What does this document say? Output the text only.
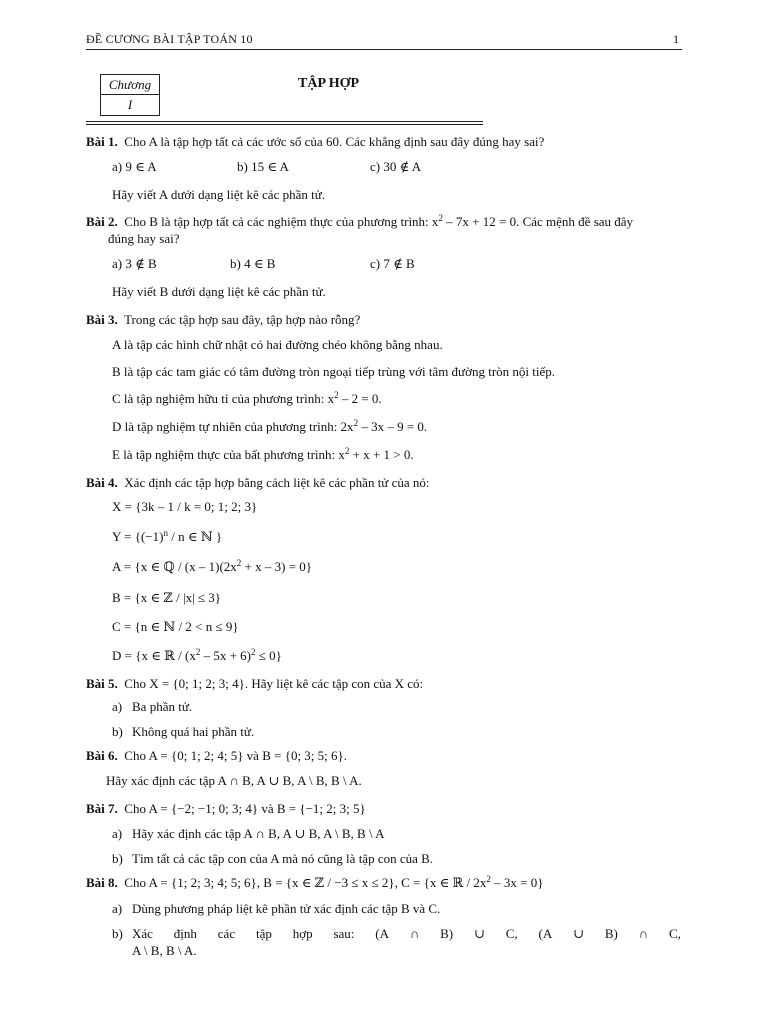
ĐỀ CƯƠNG BÀI TẬP TOÁN 10	1
Chương
I
TẬP HỢP
Bài 1. Cho A là tập hợp tất cả các ước số của 60. Các khẳng định sau đây đúng hay sai?
a) 9 ∈ A	b) 15 ∈ A	c) 30 ∉ A
Hãy viết A dưới dạng liệt kê các phần tử.
Bài 2. Cho B là tập hợp tất cả các nghiệm thực của phương trình: $x^2 - 7x + 12 = 0$. Các mệnh đề sau đây
đúng hay sai?
a) 3 ∉ B	b) 4 ∈ B	c) 7 ∉ B
Hãy viết B dưới dạng liệt kê các phần tử.
Bài 3. Trong các tập hợp sau đây, tập hợp nào rỗng?
A là tập các hình chữ nhật có hai đường chéo không bằng nhau.
B là tập các tam giác có tâm đường tròn ngoại tiếp trùng với tâm đường tròn nội tiếp.
C là tập nghiệm hữu tỉ của phương trình: $x^2 - 2 = 0$.
D là tập nghiệm tự nhiên của phương trình: $2x^2 - 3x - 9 = 0$.
E là tập nghiệm thực của bất phương trình: $x^2 + x + 1 > 0$.
Bài 4. Xác định các tập hợp bằng cách liệt kê các phần tử của nó:
X = {3k – 1 / k = 0; 1; 2; 3}
$Y = \{(-1)^n / n$ ∈ ℕ }
A = {x ∈ ℚ / $(x - 1)(2x^2 + x - 3) = 0$}
B = {x ∈ ℤ / |x| ≤ 3}
C = {n ∈ ℕ / 2 < n ≤ 9}
D = {x ∈ ℝ / $(x^2 - 5x + 6)^2 \le 0$}
Bài 5. Cho X = {0; 1; 2; 3; 4}. Hãy liệt kê các tập con của X có:
a) Ba phần tử.
b) Không quá hai phần tử.
Bài 6. Cho A = {0; 1; 2; 4; 5} và B = {0; 3; 5; 6}.
Hãy xác định các tập A ∩ B, A ∪ B, A \ B, B \ A.
Bài 7. Cho A = {−2; −1; 0; 3; 4} và B = {−1; 2; 3; 5}
a) Hãy xác định các tập A ∩ B, A ∪ B, A \ B, B \ A
b) Tìm tất cả các tập con của A mà nó cũng là tập con của B.
Bài 8. Cho A = {1; 2; 3; 4; 5; 6}, B = {x ∈ ℤ / −3 ≤ x ≤ 2}, C = {x ∈ ℝ / $2x^2 - 3x = 0$}
a) Dùng phương pháp liệt kê phần tử xác định các tập B và C.
b) Xác định các tập hợp sau: (A ∩ B) ∪ C, (A ∪ B) ∩ C,
A \ B, B \ A.
